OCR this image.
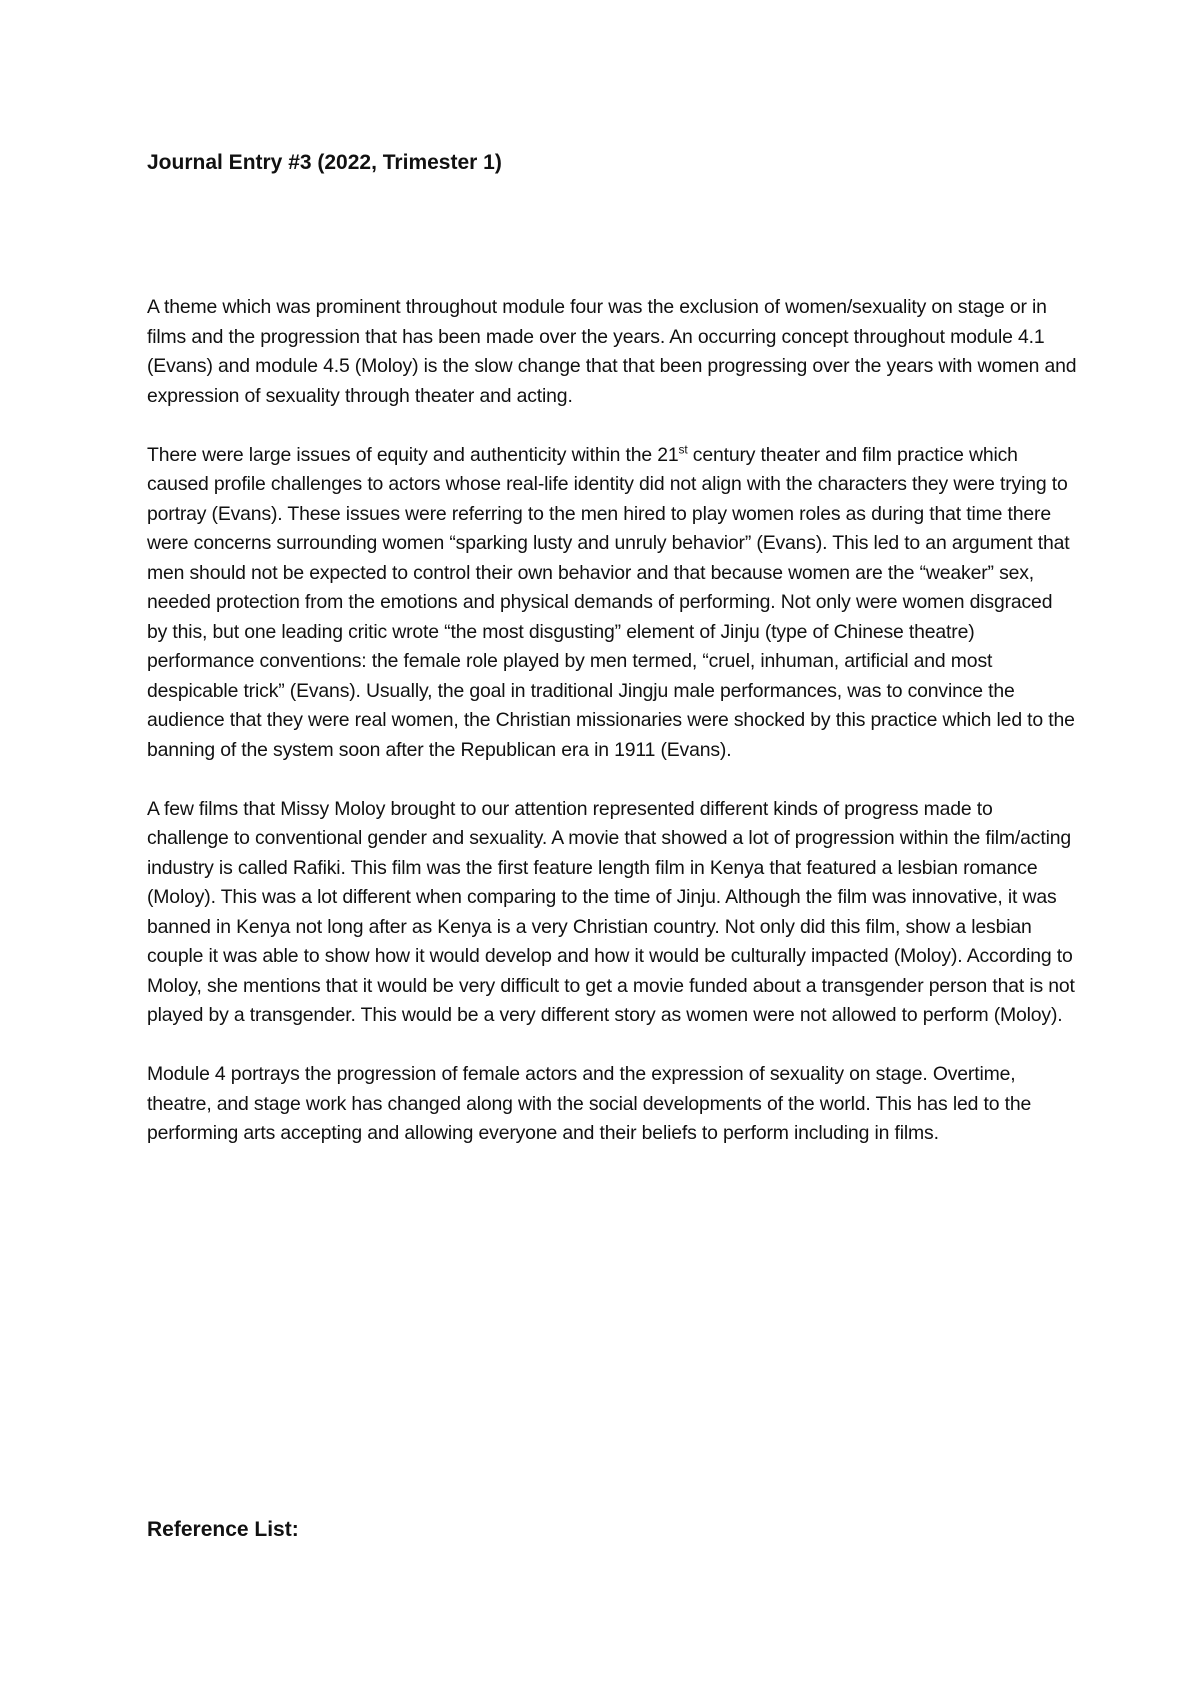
Journal Entry #3 (2022, Trimester 1)

A theme which was prominent throughout module four was the exclusion of women/sexuality on stage or in films and the progression that has been made over the years. An occurring concept throughout module 4.1 (Evans) and module 4.5 (Moloy) is the slow change that that been progressing over the years with women and expression of sexuality through theater and acting.

There were large issues of equity and authenticity within the 21st century theater and film practice which caused profile challenges to actors whose real-life identity did not align with the characters they were trying to portray (Evans). These issues were referring to the men hired to play women roles as during that time there were concerns surrounding women “sparking lusty and unruly behavior” (Evans). This led to an argument that men should not be expected to control their own behavior and that because women are the “weaker” sex, needed protection from the emotions and physical demands of performing. Not only were women disgraced by this, but one leading critic wrote “the most disgusting” element of Jinju (type of Chinese theatre) performance conventions: the female role played by men termed, “cruel, inhuman, artificial and most despicable trick” (Evans). Usually, the goal in traditional Jingju male performances, was to convince the audience that they were real women, the Christian missionaries were shocked by this practice which led to the banning of the system soon after the Republican era in 1911 (Evans).

A few films that Missy Moloy brought to our attention represented different kinds of progress made to challenge to conventional gender and sexuality. A movie that showed a lot of progression within the film/acting industry is called Rafiki. This film was the first feature length film in Kenya that featured a lesbian romance (Moloy). This was a lot different when comparing to the time of Jinju. Although the film was innovative, it was banned in Kenya not long after as Kenya is a very Christian country. Not only did this film, show a lesbian couple it was able to show how it would develop and how it would be culturally impacted (Moloy). According to Moloy, she mentions that it would be very difficult to get a movie funded about a transgender person that is not played by a transgender. This would be a very different story as women were not allowed to perform (Moloy).

Module 4 portrays the progression of female actors and the expression of sexuality on stage. Overtime, theatre, and stage work has changed along with the social developments of the world. This has led to the performing arts accepting and allowing everyone and their beliefs to perform including in films.

Reference List:
